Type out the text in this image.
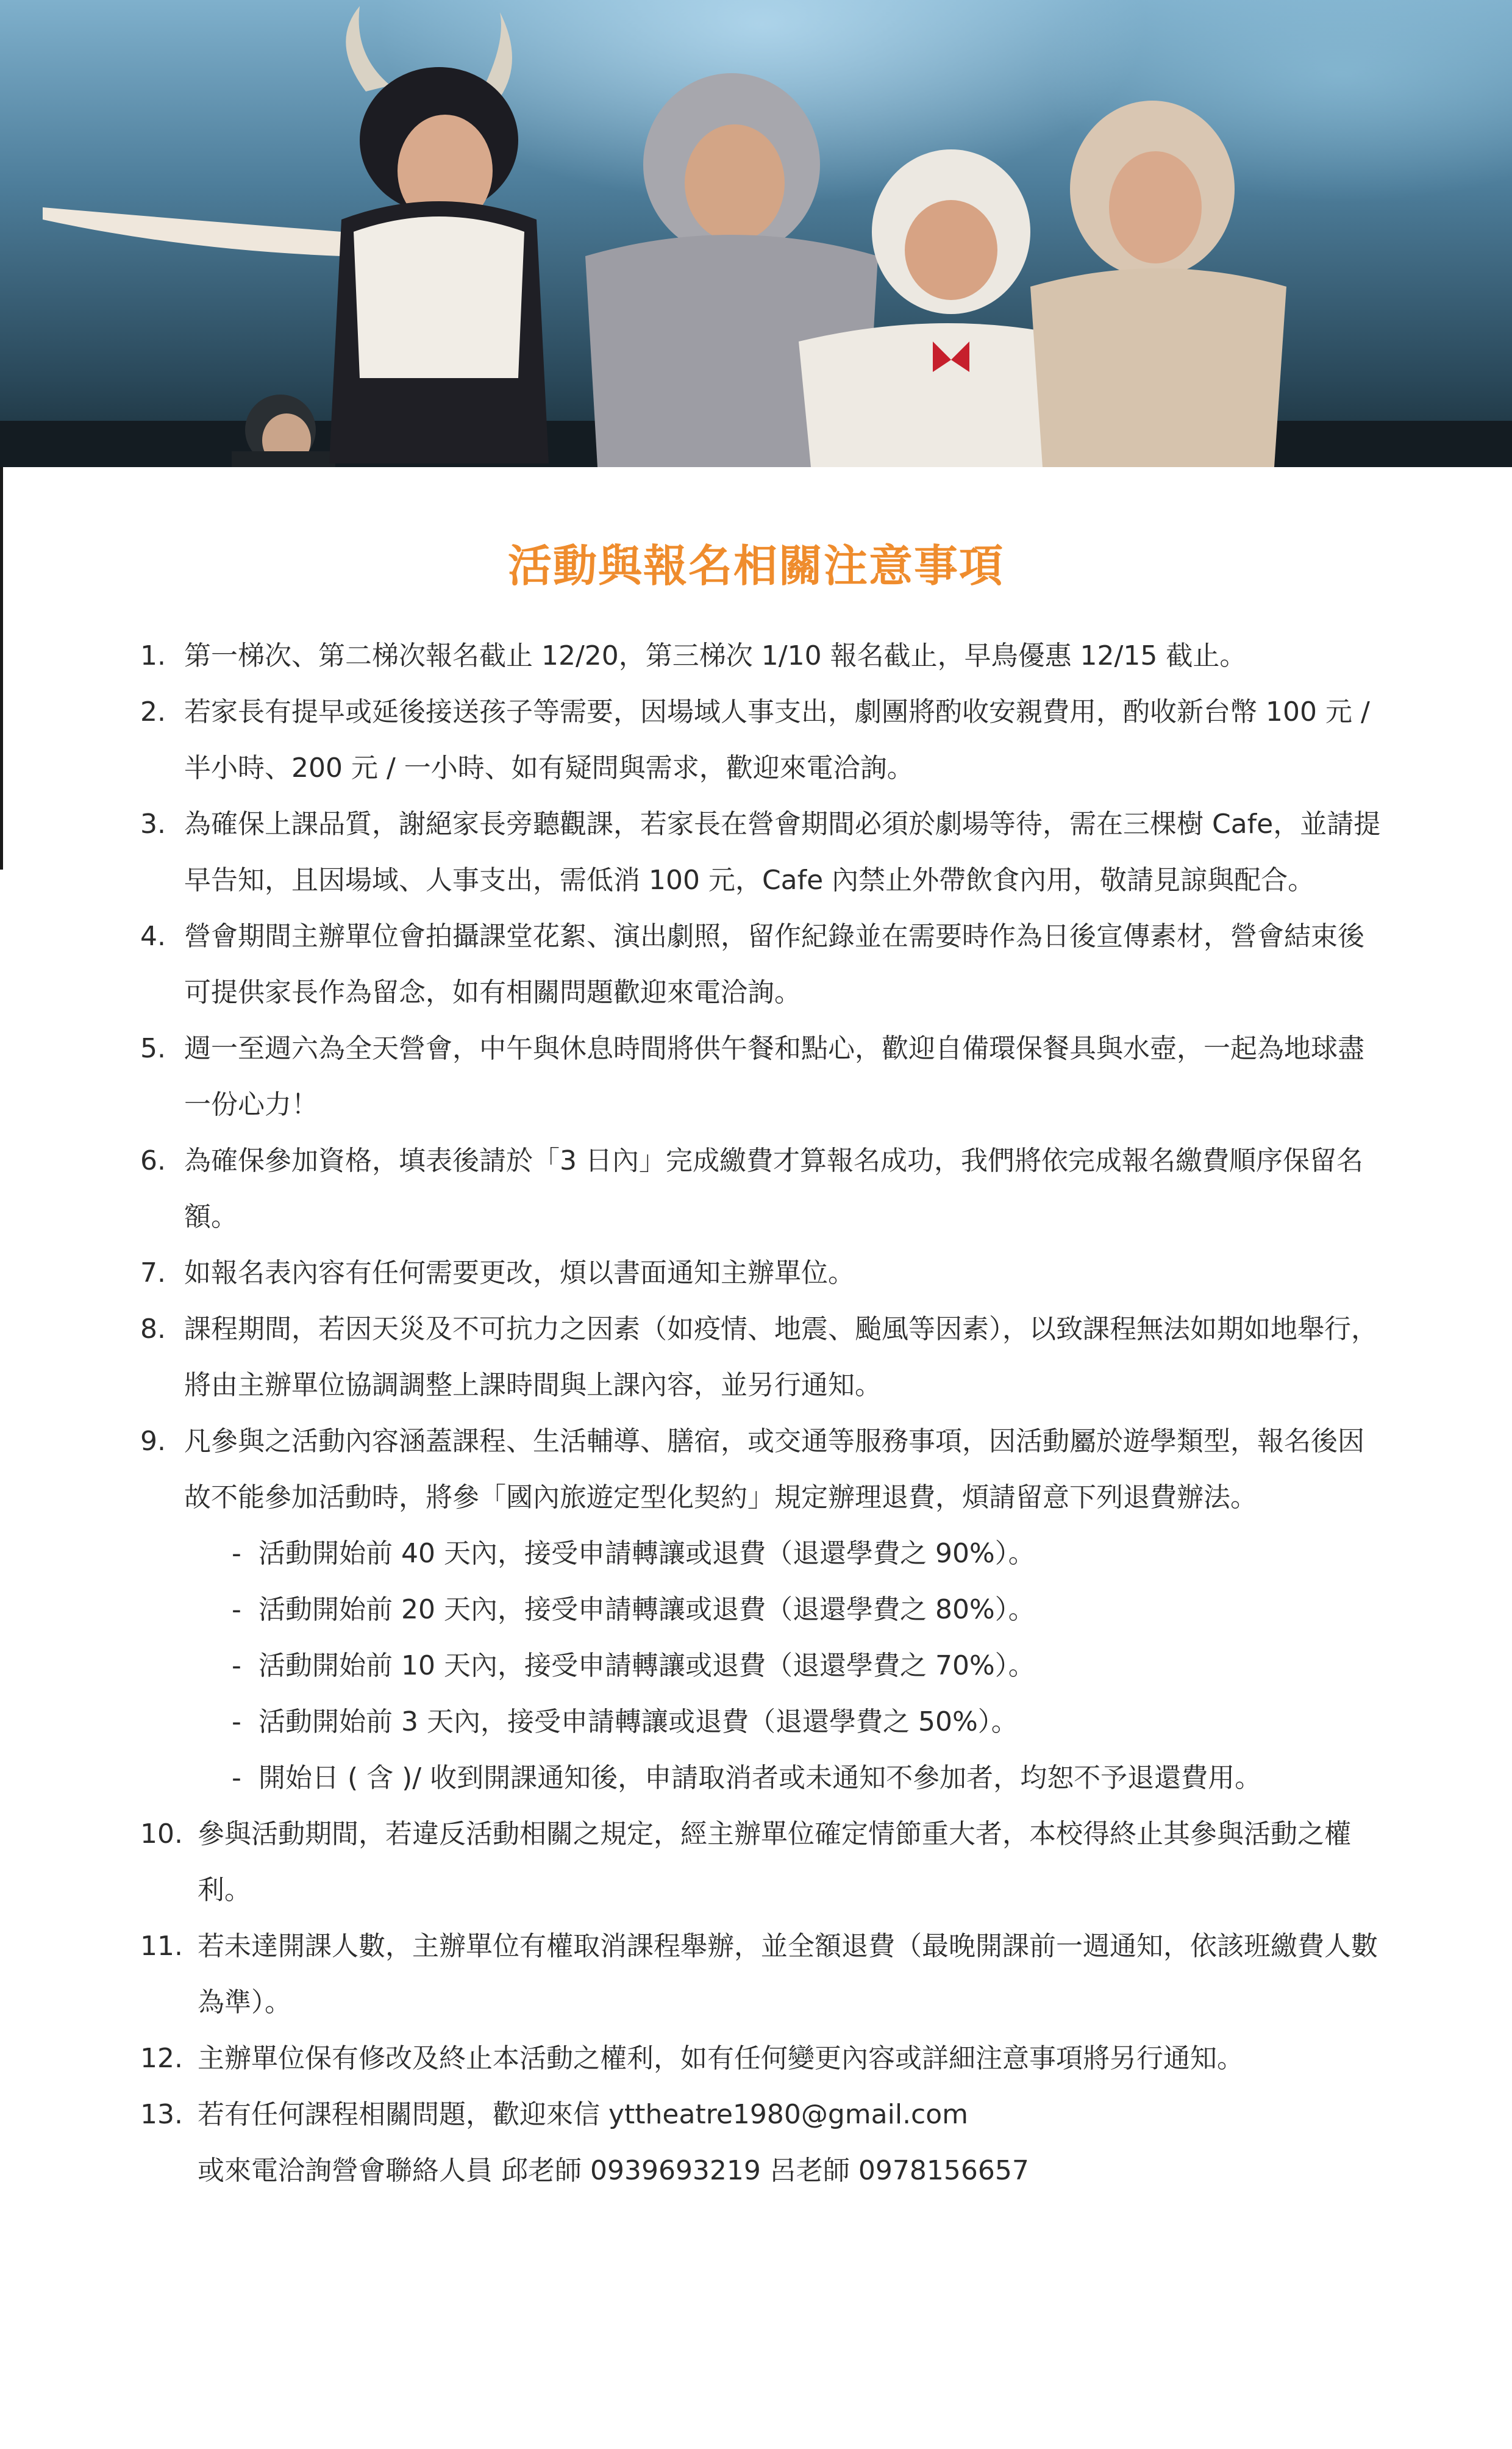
活動與報名相關注意事項
1. 第一梯次、第二梯次報名截止 12/20，第三梯次 1/10 報名截止，早鳥優惠 12/15 截止。
2. 若家長有提早或延後接送孩子等需要，因場域人事支出，劇團將酌收安親費用，酌收新台幣 100 元 / 半小時、200 元 / 一小時、如有疑問與需求，歡迎來電洽詢。
3. 為確保上課品質，謝絕家長旁聽觀課，若家長在營會期間必須於劇場等待，需在三棵樹 Cafe，並請提早告知，且因場域、人事支出，需低消 100 元，Cafe 內禁止外帶飲食內用，敬請見諒與配合。
4. 營會期間主辦單位會拍攝課堂花絮、演出劇照，留作紀錄並在需要時作為日後宣傳素材，營會結束後可提供家長作為留念，如有相關問題歡迎來電洽詢。
5. 週一至週六為全天營會，中午與休息時間將供午餐和點心，歡迎自備環保餐具與水壺，一起為地球盡一份心力！
6. 為確保參加資格，填表後請於「3 日內」完成繳費才算報名成功，我們將依完成報名繳費順序保留名額。
7. 如報名表內容有任何需要更改，煩以書面通知主辦單位。
8. 課程期間，若因天災及不可抗力之因素（如疫情、地震、颱風等因素），以致課程無法如期如地舉行，將由主辦單位協調調整上課時間與上課內容，並另行通知。
9. 凡參與之活動內容涵蓋課程、生活輔導、膳宿，或交通等服務事項，因活動屬於遊學類型，報名後因故不能參加活動時，將參「國內旅遊定型化契約」規定辦理退費，煩請留意下列退費辦法。
- 活動開始前 40 天內，接受申請轉讓或退費（退還學費之 90%）。
- 活動開始前 20 天內，接受申請轉讓或退費（退還學費之 80%）。
- 活動開始前 10 天內，接受申請轉讓或退費（退還學費之 70%）。
- 活動開始前 3 天內，接受申請轉讓或退費（退還學費之 50%）。
- 開始日 ( 含 )/ 收到開課通知後，申請取消者或未通知不參加者，均恕不予退還費用。
10. 參與活動期間，若違反活動相關之規定，經主辦單位確定情節重大者，本校得終止其參與活動之權利。
11. 若未達開課人數，主辦單位有權取消課程舉辦，並全額退費（最晚開課前一週通知，依該班繳費人數為準）。
12. 主辦單位保有修改及終止本活動之權利，如有任何變更內容或詳細注意事項將另行通知。
13. 若有任何課程相關問題，歡迎來信 yttheatre1980@gmail.com
或來電洽詢營會聯絡人員 邱老師 0939693219 呂老師 0978156657
